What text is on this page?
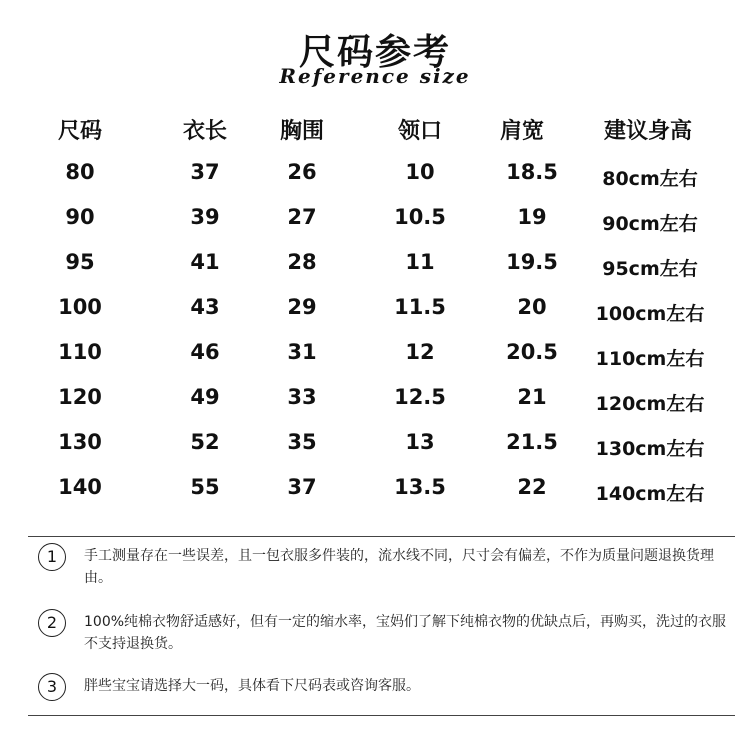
尺码参考
Reference size
尺码	衣长	胸围	领口	肩宽	建议身高
80	37	26	10	18.5	80cm左右
90	39	27	10.5	19	90cm左右
95	41	28	11	19.5	95cm左右
100	43	29	11.5	20	100cm左右
110	46	31	12	20.5	110cm左右
120	49	33	12.5	21	120cm左右
130	52	35	13	21.5	130cm左右
140	55	37	13.5	22	140cm左右
1	手工测量存在一些误差，且一包衣服多件装的，流水线不同，尺寸会有偏差，不作为质量问题退换货理由。
2	100%纯棉衣物舒适感好，但有一定的缩水率，宝妈们了解下纯棉衣物的优缺点后，再购买，洗过的衣服不支持退换货。
3	胖些宝宝请选择大一码，具体看下尺码表或咨询客服。
